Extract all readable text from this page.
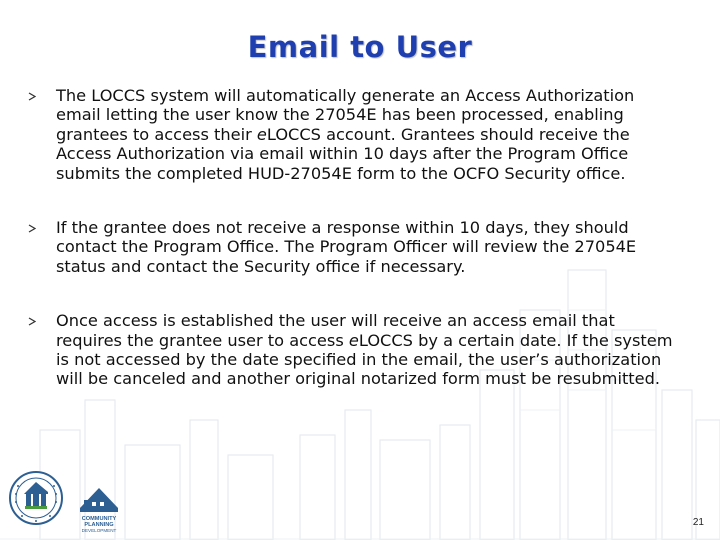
Email to User
The LOCCS system will automatically generate an Access Authorization email letting the user know the 27054E has been processed, enabling grantees to access their eLOCCS account. Grantees should receive the Access Authorization via email within 10 days after the Program Office submits the completed HUD-27054E form to the OCFO Security office.
If the grantee does not receive a response within 10 days, they should contact the Program Office. The Program Officer will review the 27054E status and contact the Security office if necessary.
Once access is established the user will receive an access email that requires the grantee user to access eLOCCS by a certain date. If the system is not accessed by the date specified in the email, the user’s authorization will be canceled and another original notarized form must be resubmitted.
COMMUNITY
PLANNING
DEVELOPMENT
21
